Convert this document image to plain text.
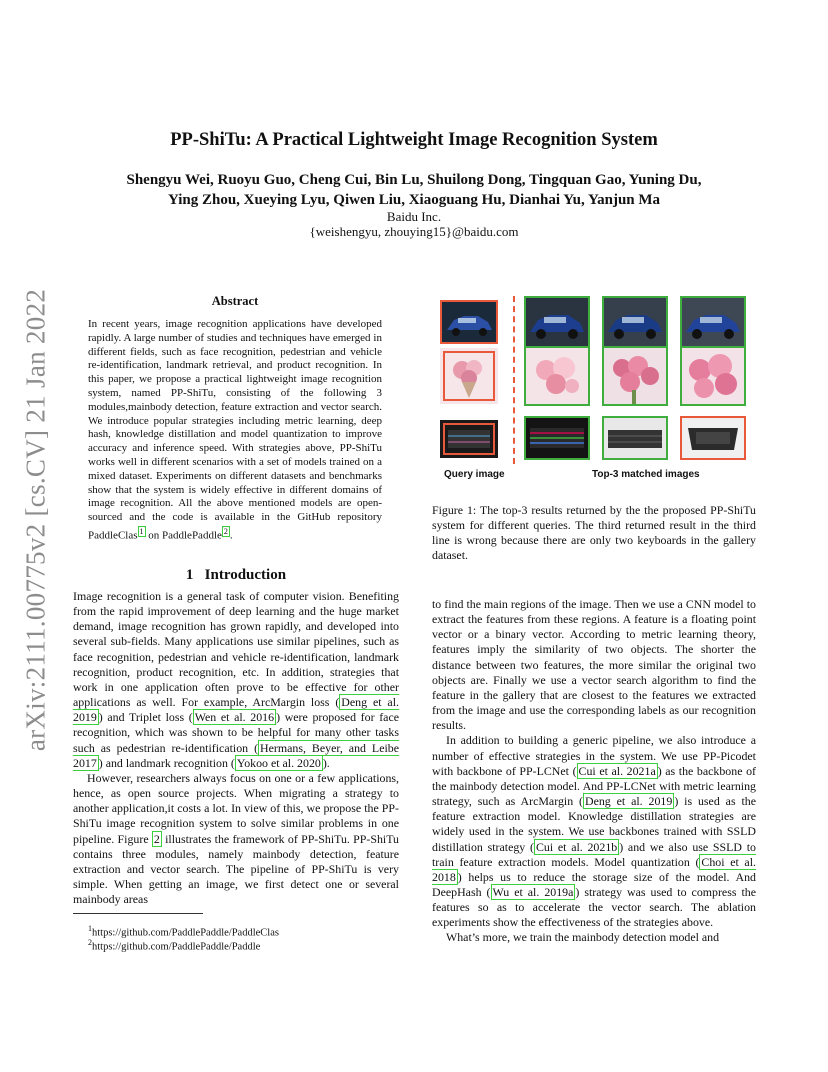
arXiv:2111.00775v2 [cs.CV] 21 Jan 2022
PP-ShiTu: A Practical Lightweight Image Recognition System
Shengyu Wei, Ruoyu Guo, Cheng Cui, Bin Lu, Shuilong Dong, Tingquan Gao, Yuning Du,
Ying Zhou, Xueying Lyu, Qiwen Liu, Xiaoguang Hu, Dianhai Yu, Yanjun Ma
Baidu Inc.
{weishengyu, zhouying15}@baidu.com
Abstract

In recent years, image recognition applications have developed rapidly. A large number of studies and techniques have emerged in different fields, such as face recognition, pedestrian and vehicle re-identification, landmark retrieval, and product recognition. In this paper, we propose a practical lightweight image recognition system, named PP-ShiTu, consisting of the following 3 modules,mainbody detection, feature extraction and vector search. We introduce popular strategies including metric learning, deep hash, knowledge distillation and model quantization to improve accuracy and inference speed. With strategies above, PP-ShiTu works well in different scenarios with a set of models trained on a mixed dataset. Experiments on different datasets and benchmarks show that the system is widely effective in different domains of image recognition. All the above mentioned models are open-sourced and the code is available in the GitHub repository PaddleClas $^1$ on PaddlePaddle $^2$ .

1 Introduction

Image recognition is a general task of computer vision. Benefiting from the rapid improvement of deep learning and the huge market demand, image recognition has grown rapidly, and developed into several sub-fields. Many applications use similar pipelines, such as face recognition, pedestrian and vehicle re-identification, landmark recognition, product recognition, etc. In addition, strategies that work in one application often prove to be effective for other applications as well. For example, ArcMargin loss ( Deng et al. 2019 ) and Triplet loss ( Wen et al. 2016 ) were proposed for face recognition, which was shown to be helpful for many other tasks such as pedestrian re-identification ( Hermans, Beyer, and Leibe 2017 ) and landmark recognition ( Yokoo et al. 2020 ).

However, researchers always focus on one or a few applications, hence, as open source projects. When migrating a strategy to another application,it costs a lot. In view of this, we propose the PP-ShiTu image recognition system to solve similar problems in one pipeline. Figure 2 illustrates the framework of PP-ShiTu. PP-ShiTu contains three modules, namely mainbody detection, feature extraction and vector search. The pipeline of PP-ShiTu is very simple. When getting an image, we first detect one or several mainbody areas

$^1$https://github.com/PaddlePaddle/PaddleClas
$^2$https://github.com/PaddlePaddle/Paddle
Query image	Top-3 matched images

Figure 1: The top-3 results returned by the the proposed PP-ShiTu system for different queries. The third returned result in the third line is wrong because there are only two keyboards in the gallery dataset.

to find the main regions of the image. Then we use a CNN model to extract the features from these regions. A feature is a floating point vector or a binary vector. According to metric learning theory, features imply the similarity of two objects. The shorter the distance between two features, the more similar the original two objects are. Finally we use a vector search algorithm to find the feature in the gallery that are closest to the features we extracted from the image and use the corresponding labels as our recognition results.

In addition to building a generic pipeline, we also introduce a number of effective strategies in the system. We use PP-Picodet with backbone of PP-LCNet ( Cui et al. 2021a ) as the backbone of the mainbody detection model. And PP-LCNet with metric learning strategy, such as ArcMargin ( Deng et al. 2019 ) is used as the feature extraction model. Knowledge distillation strategies are widely used in the system. We use backbones trained with SSLD distillation strategy ( Cui et al. 2021b ) and we also use SSLD to train feature extraction models. Model quantization ( Choi et al. 2018 ) helps us to reduce the storage size of the model. And DeepHash ( Wu et al. 2019a ) strategy was used to compress the features so as to accelerate the vector search. The ablation experiments show the effectiveness of the strategies above.

What’s more, we train the mainbody detection model and
